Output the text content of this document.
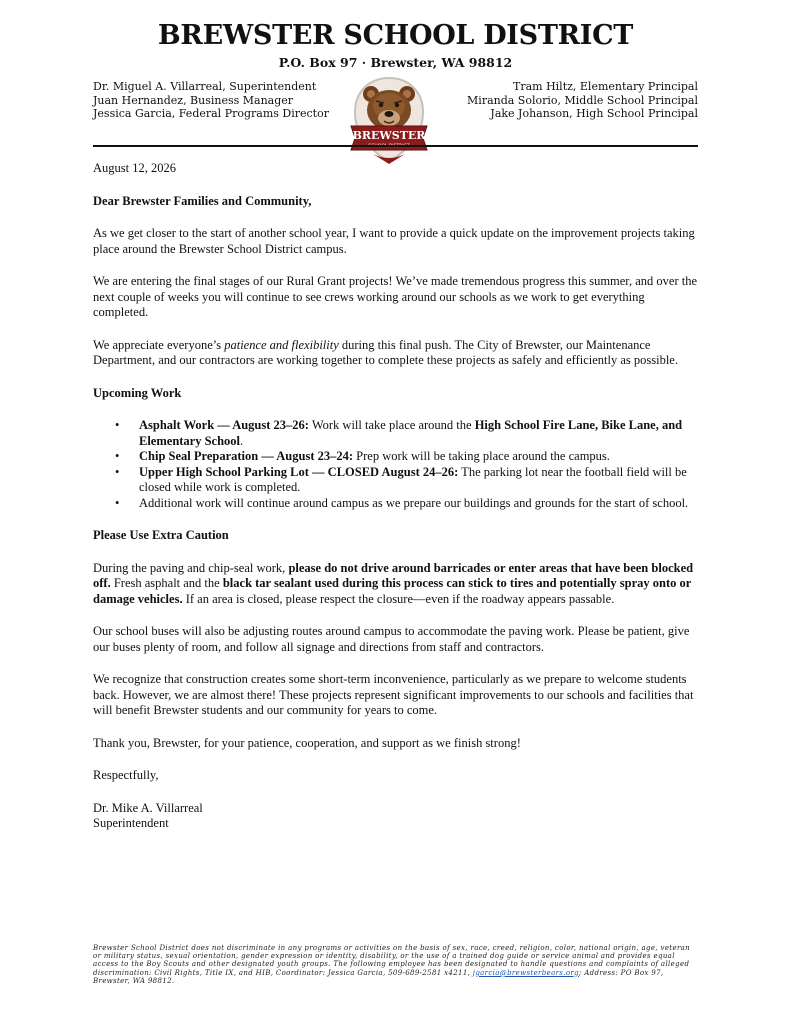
BREWSTER SCHOOL DISTRICT
P.O. Box 97 · Brewster, WA 98812
Dr. Miguel A. Villarreal, Superintendent
Juan Hernandez, Business Manager
Jessica Garcia, Federal Programs Director
BREWSTER
Tram Hiltz, Elementary Principal
Miranda Solorio, Middle School Principal
Jake Johanson, High School Principal

August 12, 2026

Dear Brewster Families and Community,

As we get closer to the start of another school year, I want to provide a quick update on the improvement projects taking place around the Brewster School District campus.

We are entering the final stages of our Rural Grant projects! We’ve made tremendous progress this summer, and over the next couple of weeks you will continue to see crews working around our schools as we work to get everything completed.

We appreciate everyone’s patience and flexibility during this final push. The City of Brewster, our Maintenance Department, and our contractors are working together to complete these projects as safely and efficiently as possible.

Upcoming Work

• Asphalt Work — August 23–26: Work will take place around the High School Fire Lane, Bike Lane, and Elementary School.
• Chip Seal Preparation — August 23–24: Prep work will be taking place around the campus.
• Upper High School Parking Lot — CLOSED August 24–26: The parking lot near the football field will be closed while work is completed.
• Additional work will continue around campus as we prepare our buildings and grounds for the start of school.

Please Use Extra Caution

During the paving and chip-seal work, please do not drive around barricades or enter areas that have been blocked off. Fresh asphalt and the black tar sealant used during this process can stick to tires and potentially spray onto or damage vehicles. If an area is closed, please respect the closure—even if the roadway appears passable.

Our school buses will also be adjusting routes around campus to accommodate the paving work. Please be patient, give our buses plenty of room, and follow all signage and directions from staff and contractors.

We recognize that construction creates some short-term inconvenience, particularly as we prepare to welcome students back. However, we are almost there! These projects represent significant improvements to our schools and facilities that will benefit Brewster students and our community for years to come.

Thank you, Brewster, for your patience, cooperation, and support as we finish strong!

Respectfully,

Dr. Mike A. Villarreal

Superintendent

Brewster School District does not discriminate in any programs or activities on the basis of sex, race, creed, religion, color, national origin, age, veteran or military status, sexual orientation, gender expression or identity, disability, or the use of a trained dog guide or service animal and provides equal access to the Boy Scouts and other designated youth groups. The following employee has been designated to handle questions and complaints of alleged discrimination: Civil Rights, Title IX, and HIB, Coordinator: Jessica Garcia, 509-689-2581 x4211, jgarcia@brewsterbears.org; Address: PO Box 97, Brewster, WA 98812.
